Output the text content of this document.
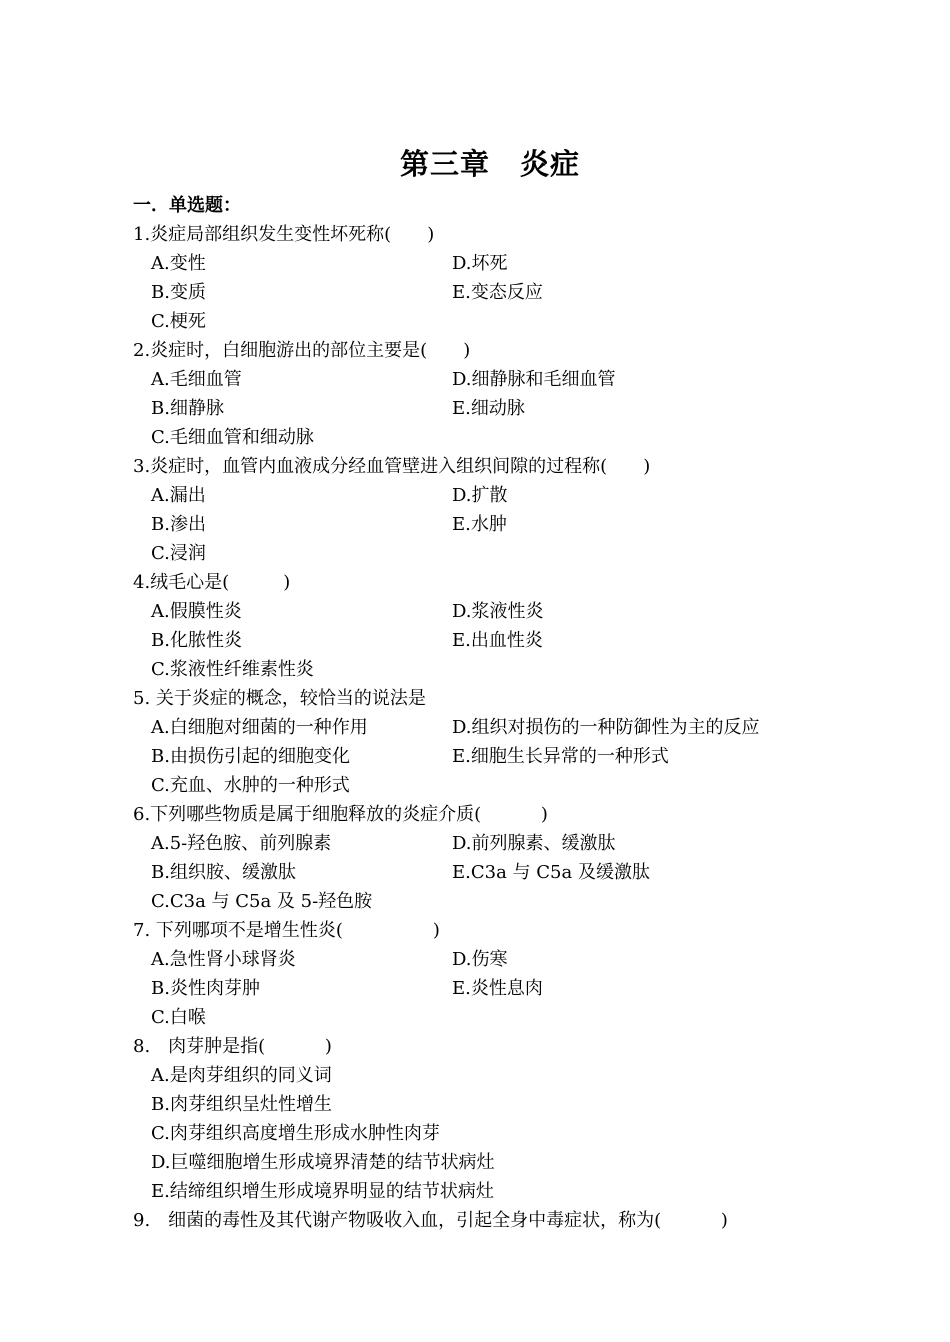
第三章　炎症
一．单选题：
1.炎症局部组织发生变性坏死称(　　)
A.变性	D.坏死
B.变质	E.变态反应
C.梗死
2.炎症时，白细胞游出的部位主要是(　　)
A.毛细血管	D.细静脉和毛细血管
B.细静脉	E.细动脉
C.毛细血管和细动脉
3.炎症时，血管内血液成分经血管壁进入组织间隙的过程称(　　)
A.漏出	D.扩散
B.渗出	E.水肿
C.浸润
4.绒毛心是(　　　)
A.假膜性炎	D.浆液性炎
B.化脓性炎	E.出血性炎
C.浆液性纤维素性炎
5. 关于炎症的概念，较恰当的说法是
A.白细胞对细菌的一种作用	D.组织对损伤的一种防御性为主的反应
B.由损伤引起的细胞变化	E.细胞生长异常的一种形式
C.充血、水肿的一种形式
6.下列哪些物质是属于细胞释放的炎症介质(　　　 )
A.5-羟色胺、前列腺素	D.前列腺素、缓激肽
B.组织胺、缓激肽	E.C3a 与 C5a 及缓激肽
C.C3a 与 C5a 及 5-羟色胺
7. 下列哪项不是增生性炎(　　　　　)
A.急性肾小球肾炎	D.伤寒
B.炎性肉芽肿	E.炎性息肉
C.白喉
8.　肉芽肿是指(　　　 )
A.是肉芽组织的同义词
B.肉芽组织呈灶性增生
C.肉芽组织高度增生形成水肿性肉芽
D.巨噬细胞增生形成境界清楚的结节状病灶
E.结缔组织增生形成境界明显的结节状病灶
9.　细菌的毒性及其代谢产物吸收入血，引起全身中毒症状，称为(　　　 )
